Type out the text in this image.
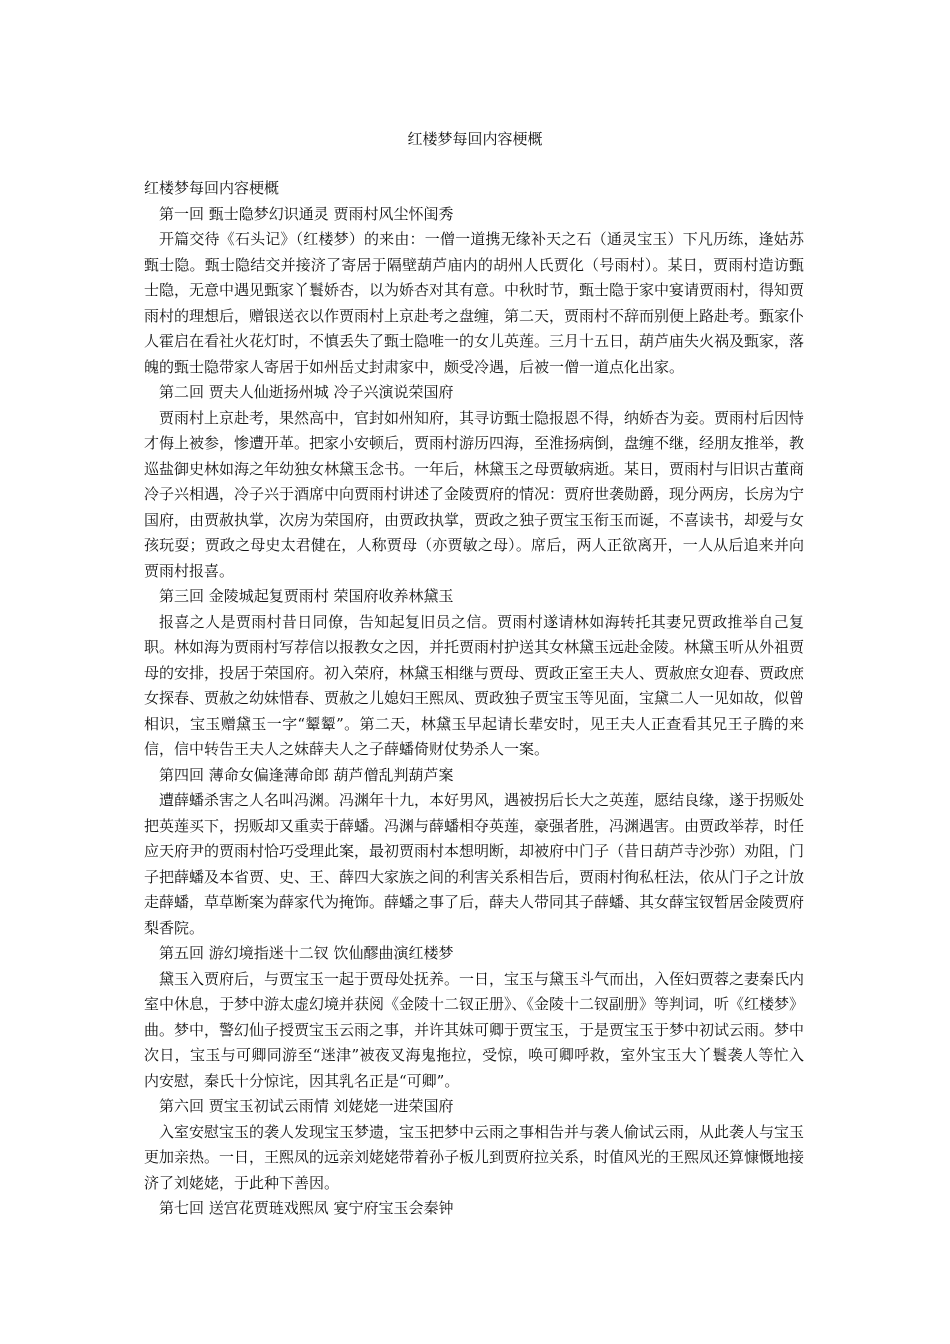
红楼梦每回内容梗概

红楼梦每回内容梗概

第一回 甄士隐梦幻识通灵 贾雨村风尘怀闺秀

开篇交待《石头记》（红楼梦）的来由：一僧一道携无缘补天之石（通灵宝玉）下凡历练，逢姑苏甄士隐。甄士隐结交并接济了寄居于隔壁葫芦庙内的胡州人氏贾化（号雨村）。某日，贾雨村造访甄士隐，无意中遇见甄家丫鬟娇杏，以为娇杏对其有意。中秋时节，甄士隐于家中宴请贾雨村，得知贾雨村的理想后，赠银送衣以作贾雨村上京赴考之盘缠，第二天，贾雨村不辞而别便上路赴考。甄家仆人霍启在看社火花灯时，不慎丢失了甄士隐唯一的女儿英莲。三月十五日，葫芦庙失火祸及甄家，落魄的甄士隐带家人寄居于如州岳丈封肃家中，颇受冷遇，后被一僧一道点化出家。

第二回 贾夫人仙逝扬州城 冷子兴演说荣国府

贾雨村上京赴考，果然高中，官封如州知府，其寻访甄士隐报恩不得，纳娇杏为妾。贾雨村后因恃才侮上被参，惨遭开革。把家小安顿后，贾雨村游历四海，至淮扬病倒，盘缠不继，经朋友推举，教巡盐御史林如海之年幼独女林黛玉念书。一年后，林黛玉之母贾敏病逝。某日，贾雨村与旧识古董商冷子兴相遇，冷子兴于酒席中向贾雨村讲述了金陵贾府的情况：贾府世袭勋爵，现分两房，长房为宁国府，由贾赦执掌，次房为荣国府，由贾政执掌，贾政之独子贾宝玉衔玉而诞，不喜读书，却爱与女孩玩耍；贾政之母史太君健在，人称贾母（亦贾敏之母）。席后，两人正欲离开，一人从后追来并向贾雨村报喜。

第三回 金陵城起复贾雨村 荣国府收养林黛玉

报喜之人是贾雨村昔日同僚，告知起复旧员之信。贾雨村遂请林如海转托其妻兄贾政推举自己复职。林如海为贾雨村写荐信以报教女之因，并托贾雨村护送其女林黛玉远赴金陵。林黛玉听从外祖贾母的安排，投居于荣国府。初入荣府，林黛玉相继与贾母、贾政正室王夫人、贾赦庶女迎春、贾政庶女探春、贾赦之幼妹惜春、贾赦之儿媳妇王熙凤、贾政独子贾宝玉等见面，宝黛二人一见如故，似曾相识，宝玉赠黛玉一字“颦颦”。第二天，林黛玉早起请长辈安时，见王夫人正查看其兄王子腾的来信，信中转告王夫人之妹薛夫人之子薛蟠倚财仗势杀人一案。

第四回 薄命女偏逢薄命郎 葫芦僧乱判葫芦案

遭薛蟠杀害之人名叫冯渊。冯渊年十九，本好男风，遇被拐后长大之英莲，愿结良缘，遂于拐贩处把英莲买下，拐贩却又重卖于薛蟠。冯渊与薛蟠相夺英莲，豪强者胜，冯渊遇害。由贾政举荐，时任应天府尹的贾雨村恰巧受理此案，最初贾雨村本想明断，却被府中门子（昔日葫芦寺沙弥）劝阻，门子把薛蟠及本省贾、史、王、薛四大家族之间的利害关系相告后，贾雨村徇私枉法，依从门子之计放走薛蟠，草草断案为薛家代为掩饰。薛蟠之事了后，薛夫人带同其子薛蟠、其女薛宝钗暂居金陵贾府梨香院。

第五回 游幻境指迷十二钗 饮仙醪曲演红楼梦

黛玉入贾府后，与贾宝玉一起于贾母处抚养。一日，宝玉与黛玉斗气而出，入侄妇贾蓉之妻秦氏内室中休息，于梦中游太虚幻境并获阅《金陵十二钗正册》、《金陵十二钗副册》等判词，听《红楼梦》曲。梦中，警幻仙子授贾宝玉云雨之事，并许其妹可卿于贾宝玉，于是贾宝玉于梦中初试云雨。梦中次日，宝玉与可卿同游至“迷津”被夜叉海鬼拖拉，受惊，唤可卿呼救，室外宝玉大丫鬟袭人等忙入内安慰，秦氏十分惊诧，因其乳名正是“可卿”。

第六回 贾宝玉初试云雨情 刘姥姥一进荣国府

入室安慰宝玉的袭人发现宝玉梦遗，宝玉把梦中云雨之事相告并与袭人偷试云雨，从此袭人与宝玉更加亲热。一日，王熙凤的远亲刘姥姥带着孙子板儿到贾府拉关系，时值风光的王熙凤还算慷慨地接济了刘姥姥，于此种下善因。

第七回 送宫花贾琏戏熙凤 宴宁府宝玉会秦钟
